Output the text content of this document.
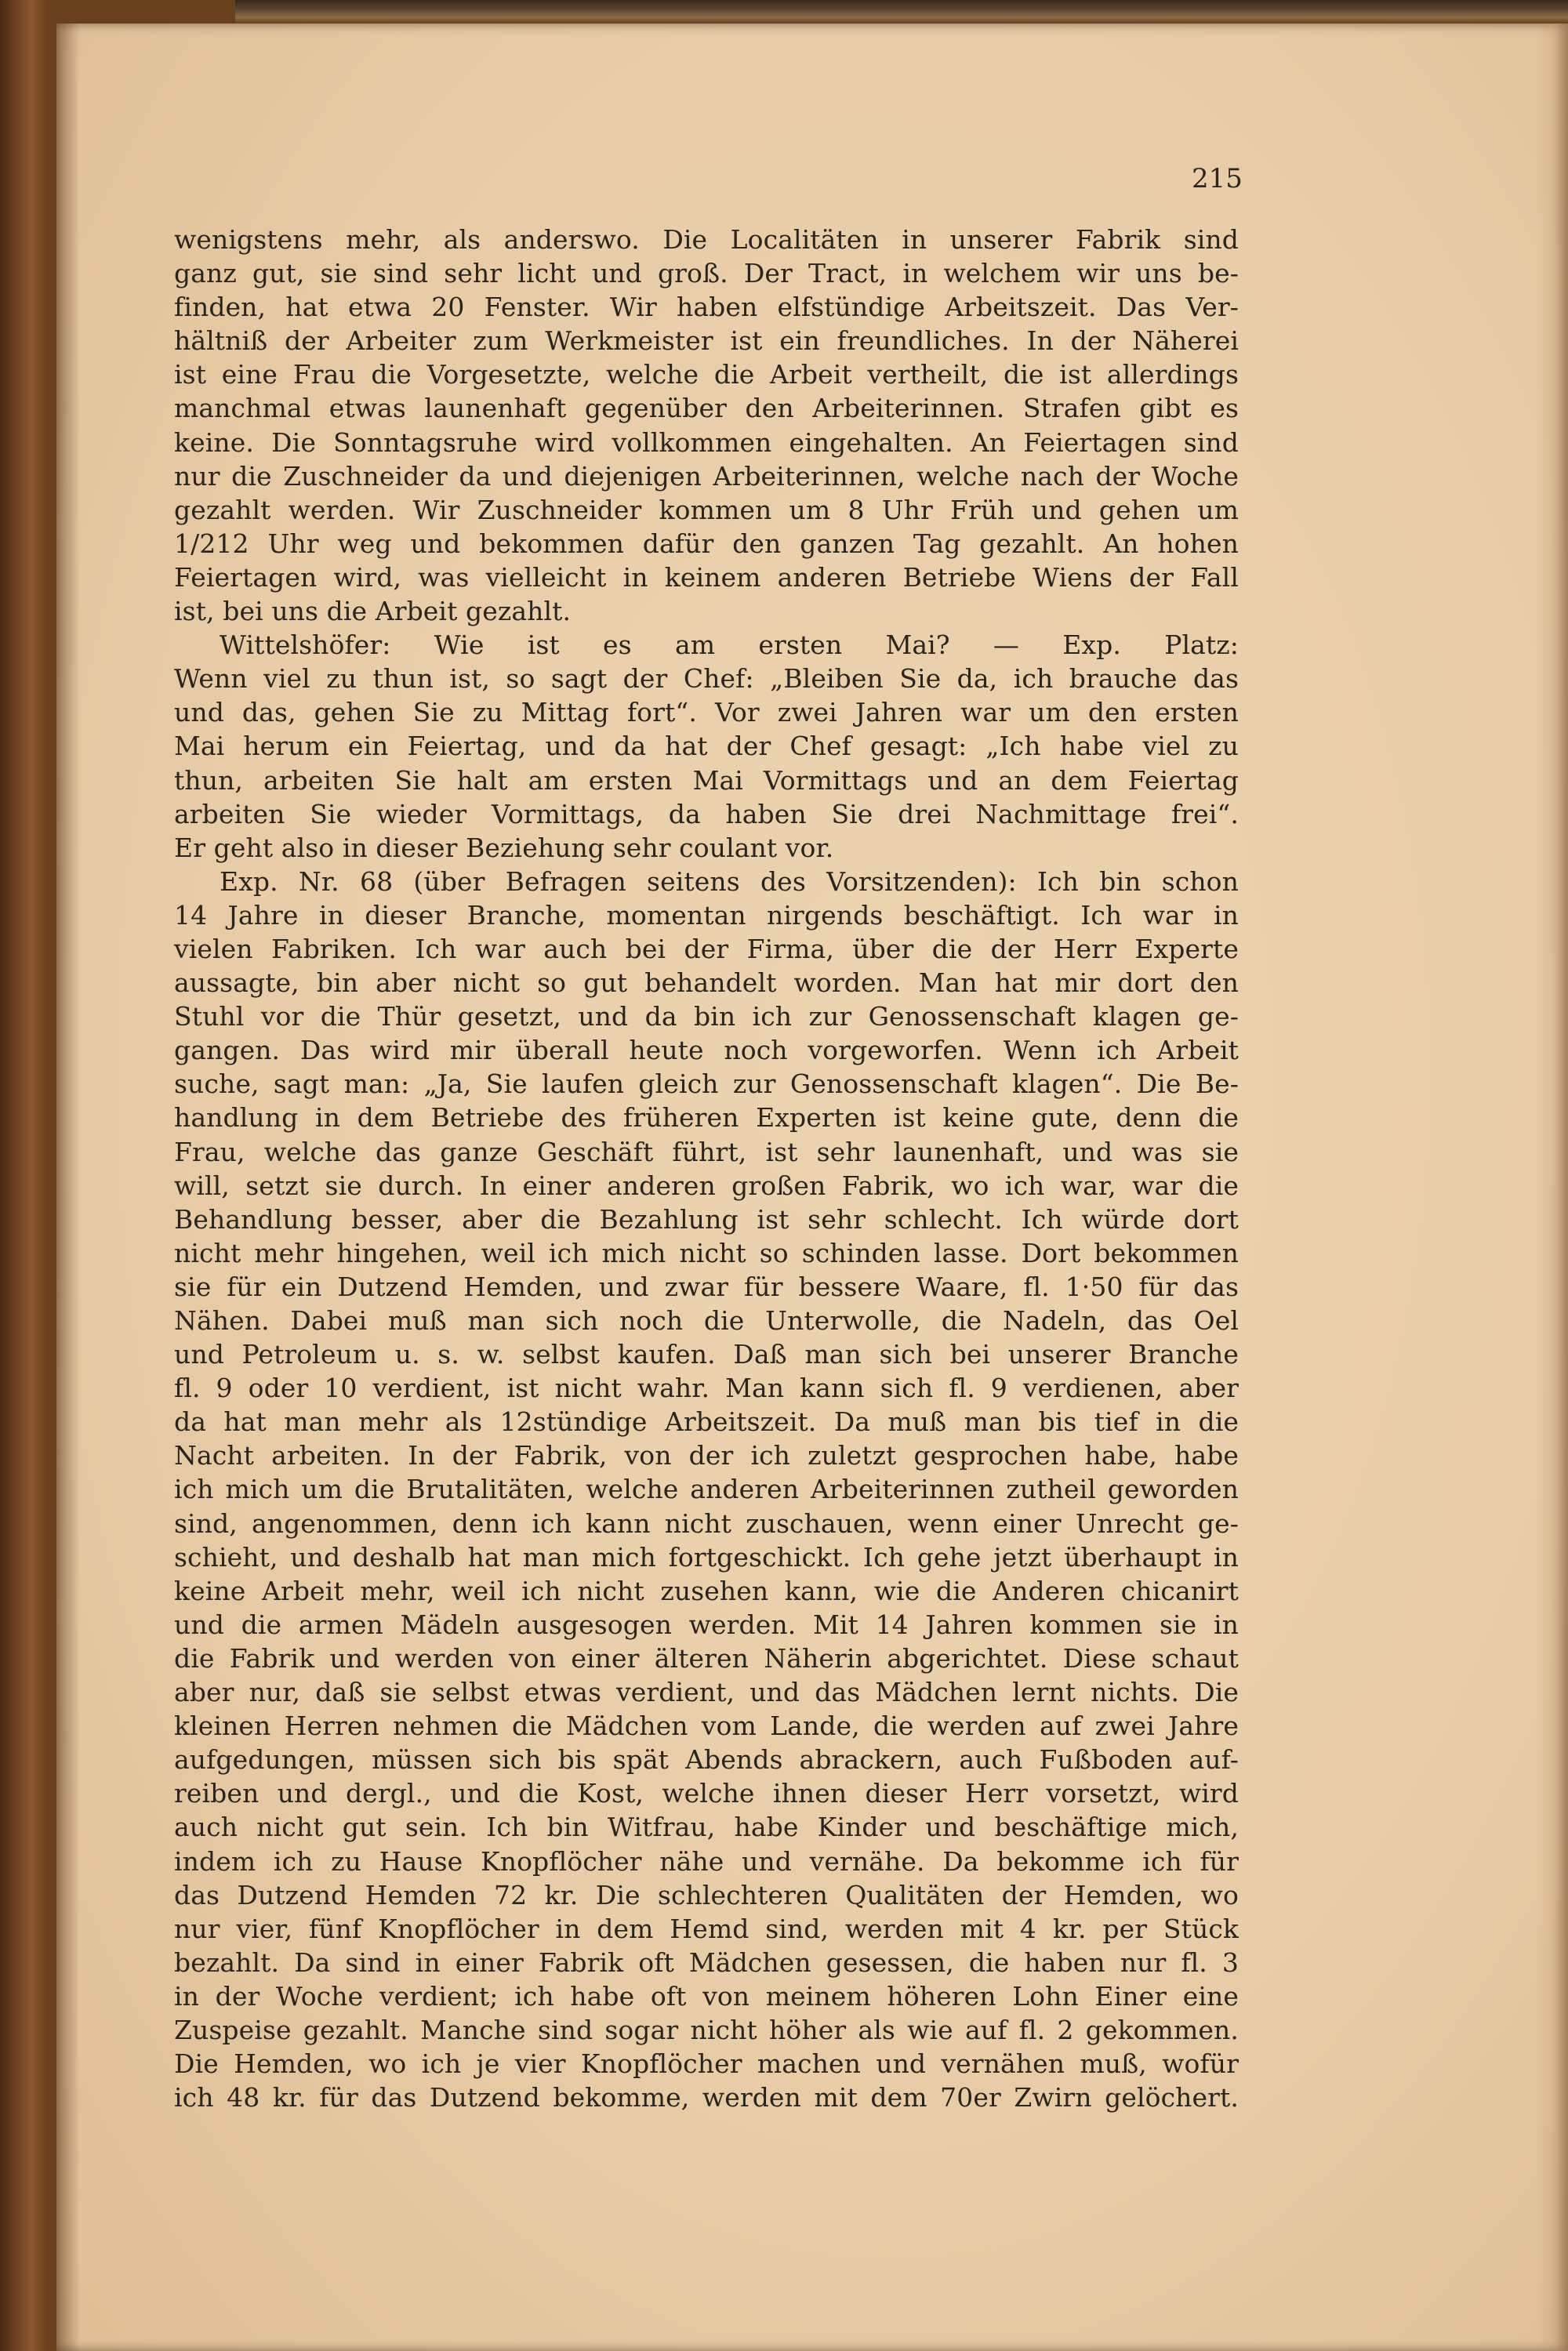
215
wenigstens mehr, als anderswo. Die Localitäten in unserer Fabrik sind
ganz gut, sie sind sehr licht und groß. Der Tract, in welchem wir uns be-
finden, hat etwa 20 Fenster. Wir haben elfstündige Arbeitszeit. Das Ver-
hältniß der Arbeiter zum Werkmeister ist ein freundliches. In der Näherei
ist eine Frau die Vorgesetzte, welche die Arbeit vertheilt, die ist allerdings
manchmal etwas launenhaft gegenüber den Arbeiterinnen. Strafen gibt es
keine. Die Sonntagsruhe wird vollkommen eingehalten. An Feiertagen sind
nur die Zuschneider da und diejenigen Arbeiterinnen, welche nach der Woche
gezahlt werden. Wir Zuschneider kommen um 8 Uhr Früh und gehen um
1/212 Uhr weg und bekommen dafür den ganzen Tag gezahlt. An hohen
Feiertagen wird, was vielleicht in keinem anderen Betriebe Wiens der Fall
ist, bei uns die Arbeit gezahlt.
Wittelshöfer: Wie ist es am ersten Mai? — Exp. Platz:
Wenn viel zu thun ist, so sagt der Chef: „Bleiben Sie da, ich brauche das
und das, gehen Sie zu Mittag fort“. Vor zwei Jahren war um den ersten
Mai herum ein Feiertag, und da hat der Chef gesagt: „Ich habe viel zu
thun, arbeiten Sie halt am ersten Mai Vormittags und an dem Feiertag
arbeiten Sie wieder Vormittags, da haben Sie drei Nachmittage frei“.
Er geht also in dieser Beziehung sehr coulant vor.
Exp. Nr. 68 (über Befragen seitens des Vorsitzenden): Ich bin schon
14 Jahre in dieser Branche, momentan nirgends beschäftigt. Ich war in
vielen Fabriken. Ich war auch bei der Firma, über die der Herr Experte
aussagte, bin aber nicht so gut behandelt worden. Man hat mir dort den
Stuhl vor die Thür gesetzt, und da bin ich zur Genossenschaft klagen ge-
gangen. Das wird mir überall heute noch vorgeworfen. Wenn ich Arbeit
suche, sagt man: „Ja, Sie laufen gleich zur Genossenschaft klagen“. Die Be-
handlung in dem Betriebe des früheren Experten ist keine gute, denn die
Frau, welche das ganze Geschäft führt, ist sehr launenhaft, und was sie
will, setzt sie durch. In einer anderen großen Fabrik, wo ich war, war die
Behandlung besser, aber die Bezahlung ist sehr schlecht. Ich würde dort
nicht mehr hingehen, weil ich mich nicht so schinden lasse. Dort bekommen
sie für ein Dutzend Hemden, und zwar für bessere Waare, fl. 1·50 für das
Nähen. Dabei muß man sich noch die Unterwolle, die Nadeln, das Oel
und Petroleum u. s. w. selbst kaufen. Daß man sich bei unserer Branche
fl. 9 oder 10 verdient, ist nicht wahr. Man kann sich fl. 9 verdienen, aber
da hat man mehr als 12stündige Arbeitszeit. Da muß man bis tief in die
Nacht arbeiten. In der Fabrik, von der ich zuletzt gesprochen habe, habe
ich mich um die Brutalitäten, welche anderen Arbeiterinnen zutheil geworden
sind, angenommen, denn ich kann nicht zuschauen, wenn einer Unrecht ge-
schieht, und deshalb hat man mich fortgeschickt. Ich gehe jetzt überhaupt in
keine Arbeit mehr, weil ich nicht zusehen kann, wie die Anderen chicanirt
und die armen Mädeln ausgesogen werden. Mit 14 Jahren kommen sie in
die Fabrik und werden von einer älteren Näherin abgerichtet. Diese schaut
aber nur, daß sie selbst etwas verdient, und das Mädchen lernt nichts. Die
kleinen Herren nehmen die Mädchen vom Lande, die werden auf zwei Jahre
aufgedungen, müssen sich bis spät Abends abrackern, auch Fußboden auf-
reiben und dergl., und die Kost, welche ihnen dieser Herr vorsetzt, wird
auch nicht gut sein. Ich bin Witfrau, habe Kinder und beschäftige mich,
indem ich zu Hause Knopflöcher nähe und vernähe. Da bekomme ich für
das Dutzend Hemden 72 kr. Die schlechteren Qualitäten der Hemden, wo
nur vier, fünf Knopflöcher in dem Hemd sind, werden mit 4 kr. per Stück
bezahlt. Da sind in einer Fabrik oft Mädchen gesessen, die haben nur fl. 3
in der Woche verdient; ich habe oft von meinem höheren Lohn Einer eine
Zuspeise gezahlt. Manche sind sogar nicht höher als wie auf fl. 2 gekommen.
Die Hemden, wo ich je vier Knopflöcher machen und vernähen muß, wofür
ich 48 kr. für das Dutzend bekomme, werden mit dem 70er Zwirn gelöchert.
